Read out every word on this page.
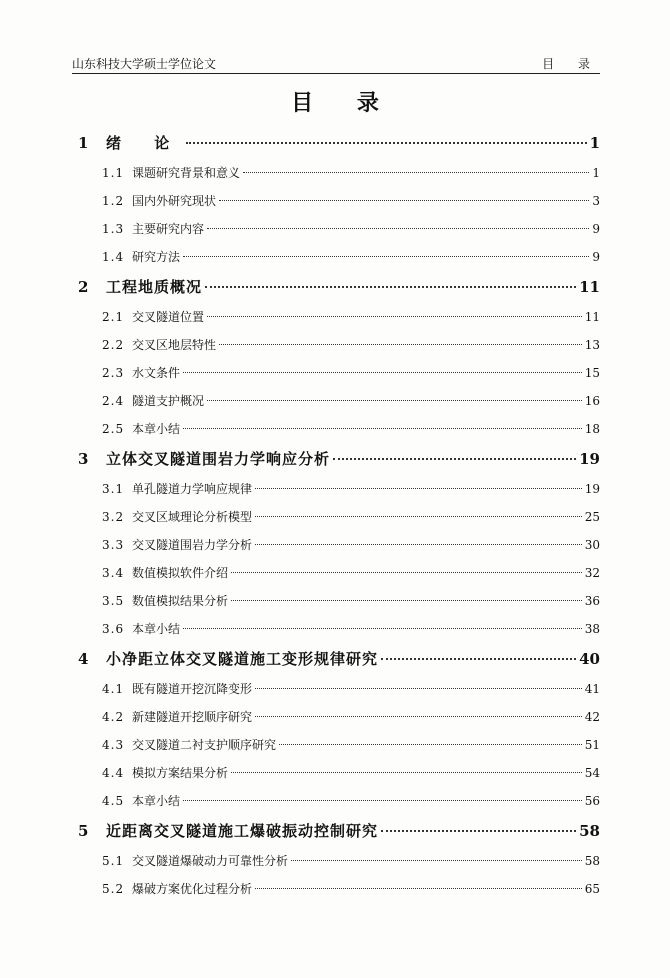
山东科技大学硕士学位论文	目 录
目 录
1	绪 论	1
1.1 课题研究背景和意义	1
1.2 国内外研究现状	3
1.3 主要研究内容	9
1.4 研究方法	9
2	工程地质概况	11
2.1 交叉隧道位置	11
2.2 交叉区地层特性	13
2.3 水文条件	15
2.4 隧道支护概况	16
2.5 本章小结	18
3	立体交叉隧道围岩力学响应分析	19
3.1 单孔隧道力学响应规律	19
3.2 交叉区域理论分析模型	25
3.3 交叉隧道围岩力学分析	30
3.4 数值模拟软件介绍	32
3.5 数值模拟结果分析	36
3.6 本章小结	38
4	小净距立体交叉隧道施工变形规律研究	40
4.1 既有隧道开挖沉降变形	41
4.2 新建隧道开挖顺序研究	42
4.3 交叉隧道二衬支护顺序研究	51
4.4 模拟方案结果分析	54
4.5 本章小结	56
5	近距离交叉隧道施工爆破振动控制研究	58
5.1 交叉隧道爆破动力可靠性分析	58
5.2 爆破方案优化过程分析	65
